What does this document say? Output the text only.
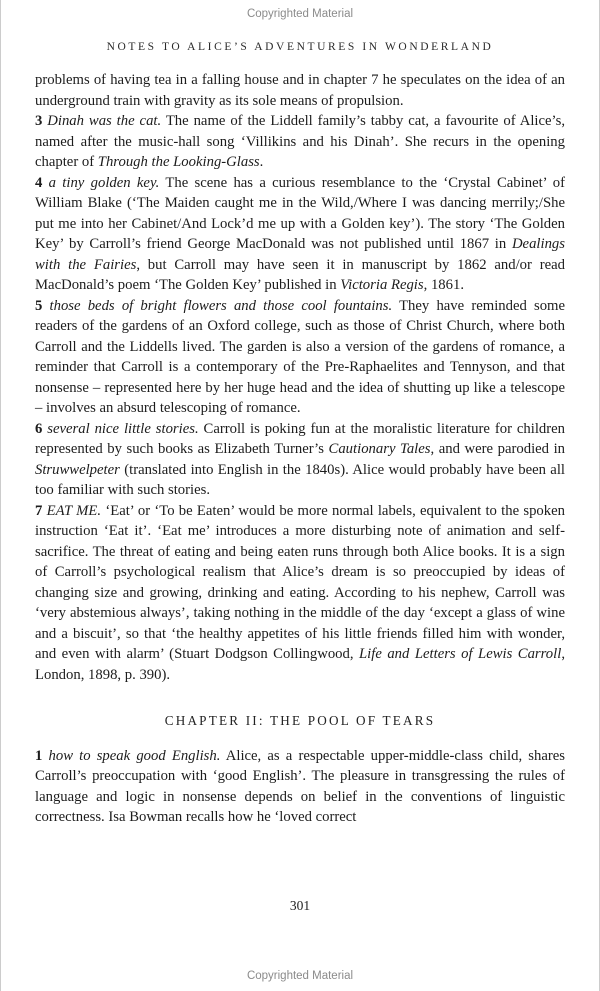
Copyrighted Material
NOTES TO ALICE’S ADVENTURES IN WONDERLAND

problems of having tea in a falling house and in chapter 7 he speculates on the idea of an underground train with gravity as its sole means of propulsion.

3 Dinah was the cat. The name of the Liddell family’s tabby cat, a favourite of Alice’s, named after the music-hall song ‘Villikins and his Dinah’. She recurs in the opening chapter of Through the Looking-Glass.

4 a tiny golden key. The scene has a curious resemblance to the ‘Crystal Cabinet’ of William Blake (‘The Maiden caught me in the Wild,/Where I was dancing merrily;/She put me into her Cabinet/And Lock’d me up with a Golden key’). The story ‘The Golden Key’ by Carroll’s friend George MacDonald was not published until 1867 in Dealings with the Fairies, but Carroll may have seen it in manuscript by 1862 and/or read MacDonald’s poem ‘The Golden Key’ published in Victoria Regis, 1861.

5 those beds of bright flowers and those cool fountains. They have reminded some readers of the gardens of an Oxford college, such as those of Christ Church, where both Carroll and the Liddells lived. The garden is also a version of the gardens of romance, a reminder that Carroll is a contemporary of the Pre-Raphaelites and Tennyson, and that nonsense – represented here by her huge head and the idea of shutting up like a telescope – involves an absurd telescoping of romance.

6 several nice little stories. Carroll is poking fun at the moralistic literature for children represented by such books as Elizabeth Turner’s Cautionary Tales, and were parodied in Struwwelpeter (translated into English in the 1840s). Alice would probably have been all too familiar with such stories.

7 EAT ME. ‘Eat’ or ‘To be Eaten’ would be more normal labels, equivalent to the spoken instruction ‘Eat it’. ‘Eat me’ introduces a more disturbing note of animation and self-sacrifice. The threat of eating and being eaten runs through both Alice books. It is a sign of Carroll’s psychological realism that Alice’s dream is so preoccupied by ideas of changing size and growing, drinking and eating. According to his nephew, Carroll was ‘very abstemious always’, taking nothing in the middle of the day ‘except a glass of wine and a biscuit’, so that ‘the healthy appetites of his little friends filled him with wonder, and even with alarm’ (Stuart Dodgson Collingwood, Life and Letters of Lewis Carroll, London, 1898, p. 390).

CHAPTER II: THE POOL OF TEARS

1 how to speak good English. Alice, as a respectable upper-middle-class child, shares Carroll’s preoccupation with ‘good English’. The pleasure in transgressing the rules of language and logic in nonsense depends on belief in the conventions of linguistic correctness. Isa Bowman recalls how he ‘loved correct

301
Copyrighted Material
